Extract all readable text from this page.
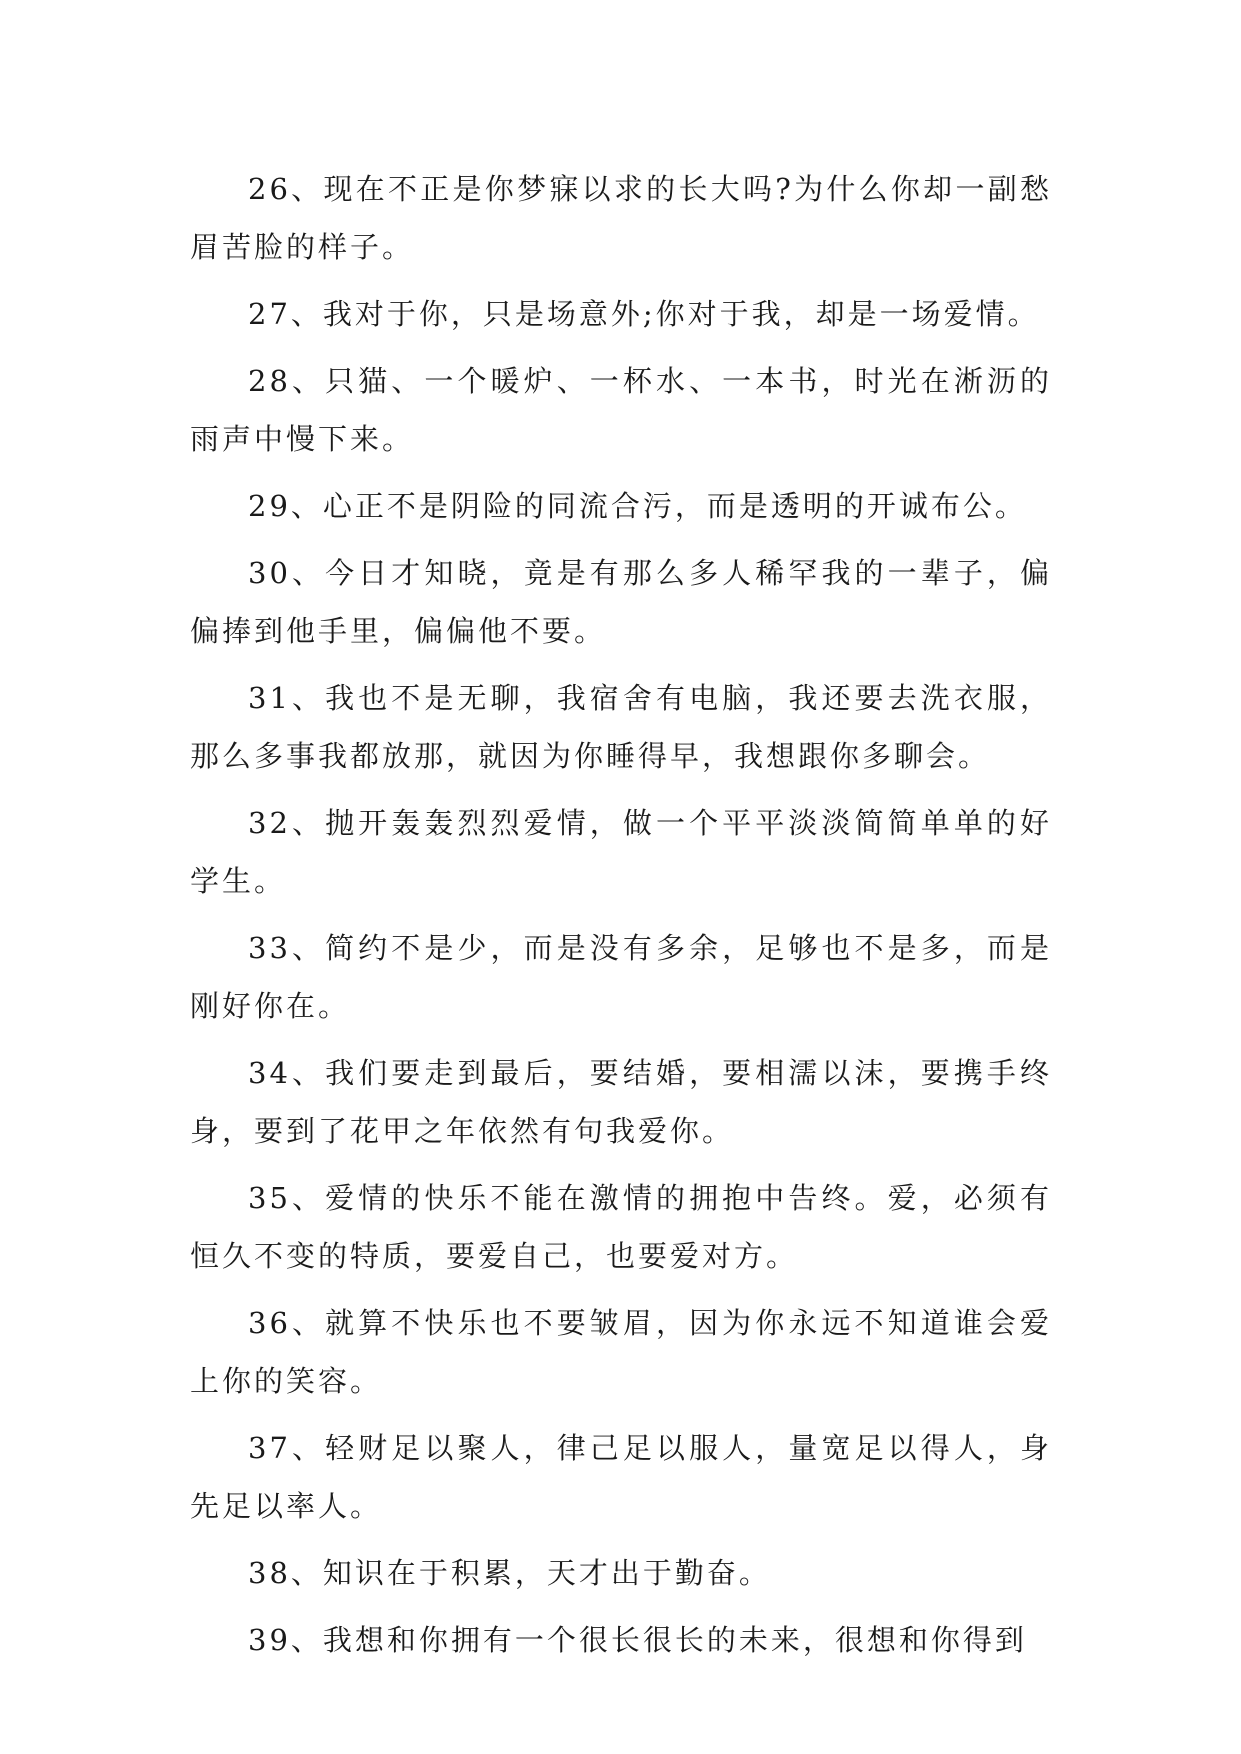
26、现在不正是你梦寐以求的长大吗?为什么你却一副愁眉苦脸的样子。

27、我对于你，只是场意外;你对于我，却是一场爱情。

28、只猫、一个暖炉、一杯水、一本书，时光在淅沥的雨声中慢下来。

29、心正不是阴险的同流合污，而是透明的开诚布公。

30、今日才知晓，竟是有那么多人稀罕我的一辈子，偏偏捧到他手里，偏偏他不要。

31、我也不是无聊，我宿舍有电脑，我还要去洗衣服，那么多事我都放那，就因为你睡得早，我想跟你多聊会。

32、抛开轰轰烈烈爱情，做一个平平淡淡简简单单的好学生。

33、简约不是少，而是没有多余，足够也不是多，而是刚好你在。

34、我们要走到最后，要结婚，要相濡以沫，要携手终身，要到了花甲之年依然有句我爱你。

35、爱情的快乐不能在激情的拥抱中告终。爱，必须有恒久不变的特质，要爱自己，也要爱对方。

36、就算不快乐也不要皱眉，因为你永远不知道谁会爱上你的笑容。

37、轻财足以聚人，律己足以服人，量宽足以得人，身先足以率人。

38、知识在于积累，天才出于勤奋。

39、我想和你拥有一个很长很长的未来，很想和你得到
